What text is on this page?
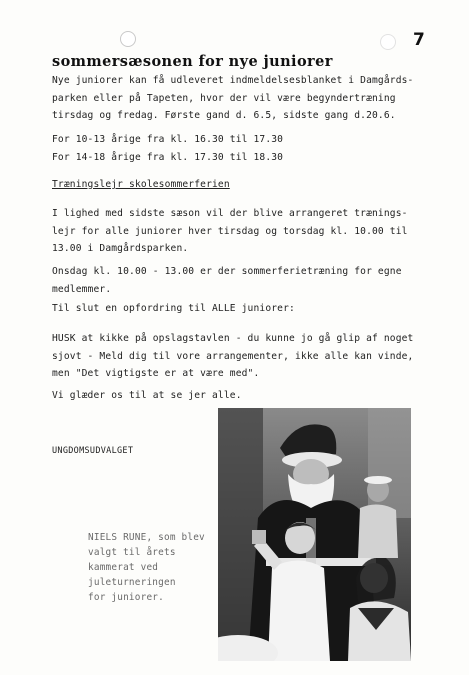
7
sommersæsonen for nye juniorer
Nye juniorer kan få udleveret indmeldelsesblanket i Damgårds-
parken eller på Tapeten, hvor der vil være begyndertræning
tirsdag og fredag. Første gand d. 6.5, sidste gang d.20.6.
For 10-13 årige fra kl. 16.30 til 17.30
For 14-18 årige fra kl. 17.30 til 18.30
Træningslejr skolesommerferien
I lighed med sidste sæson vil der blive arrangeret trænings-
lejr for alle juniorer hver tirsdag og torsdag kl. 10.00 til
13.00 i Damgårdsparken.
Onsdag kl. 10.00 - 13.00 er der sommerferietræning for egne
medlemmer.
Til slut en opfordring til ALLE juniorer:
HUSK at kikke på opslagstavlen - du kunne jo gå glip af noget
sjovt - Meld dig til vore arrangementer, ikke alle kan vinde,
men "Det vigtigste er at være med".
Vi glæder os til at se jer alle.
UNGDOMSUDVALGET
NIELS RUNE, som blev
valgt til årets
kammerat ved
juleturneringen
for juniorer.
